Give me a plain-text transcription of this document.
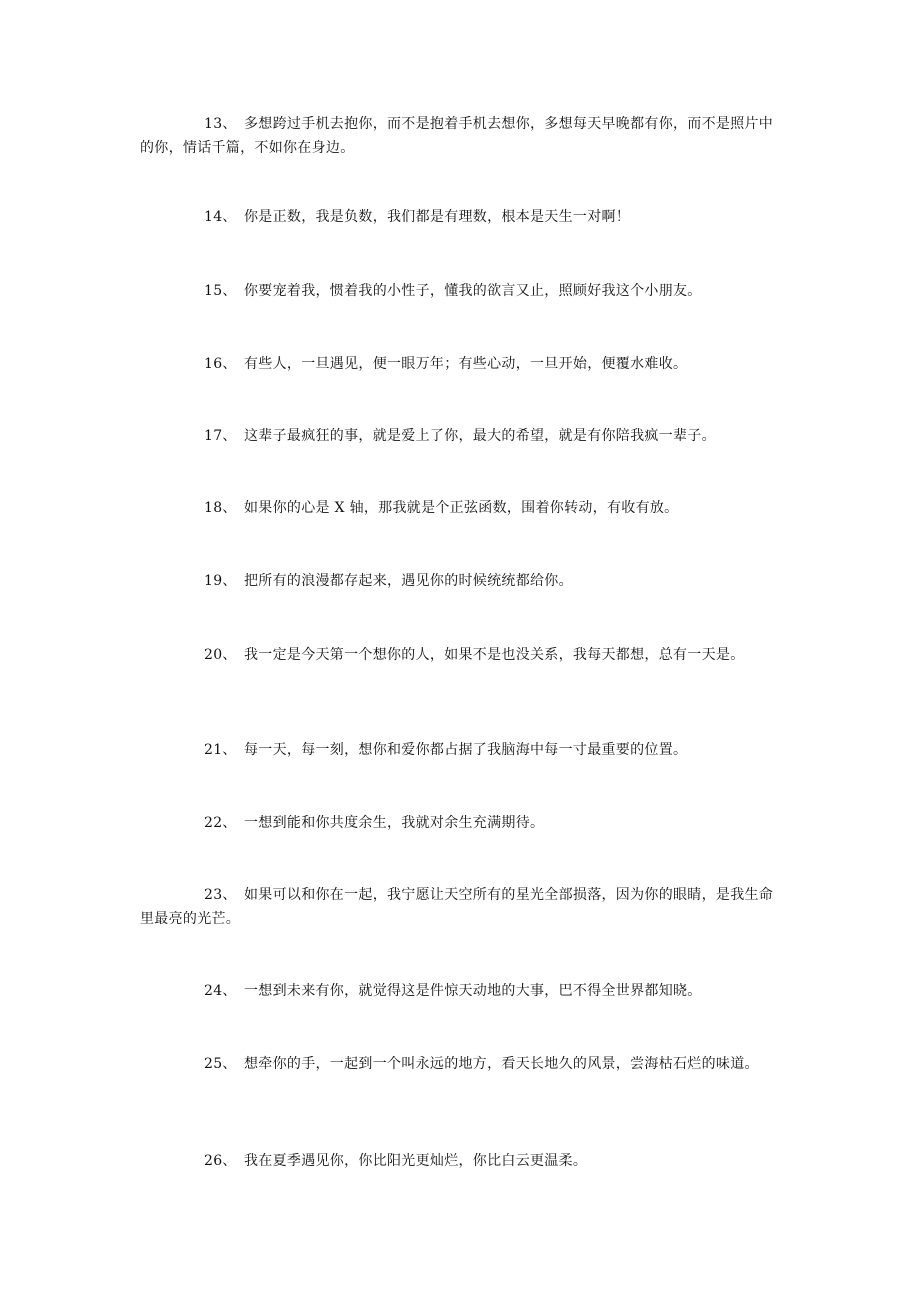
13、 多想跨过手机去抱你，而不是抱着手机去想你，多想每天早晚都有你，而不是照片中的你，情话千篇，不如你在身边。

14、 你是正数，我是负数，我们都是有理数，根本是天生一对啊！

15、 你要宠着我，惯着我的小性子，懂我的欲言又止，照顾好我这个小朋友。

16、 有些人，一旦遇见，便一眼万年；有些心动，一旦开始，便覆水难收。

17、 这辈子最疯狂的事，就是爱上了你，最大的希望，就是有你陪我疯一辈子。

18、 如果你的心是 X 轴，那我就是个正弦函数，围着你转动，有收有放。

19、 把所有的浪漫都存起来，遇见你的时候统统都给你。

20、 我一定是今天第一个想你的人，如果不是也没关系，我每天都想，总有一天是。

21、 每一天，每一刻，想你和爱你都占据了我脑海中每一寸最重要的位置。

22、 一想到能和你共度余生，我就对余生充满期待。

23、 如果可以和你在一起，我宁愿让天空所有的星光全部损落，因为你的眼睛，是我生命里最亮的光芒。

24、 一想到未来有你，就觉得这是件惊天动地的大事，巴不得全世界都知晓。

25、 想牵你的手，一起到一个叫永远的地方，看天长地久的风景，尝海枯石烂的味道。

26、 我在夏季遇见你，你比阳光更灿烂，你比白云更温柔。
